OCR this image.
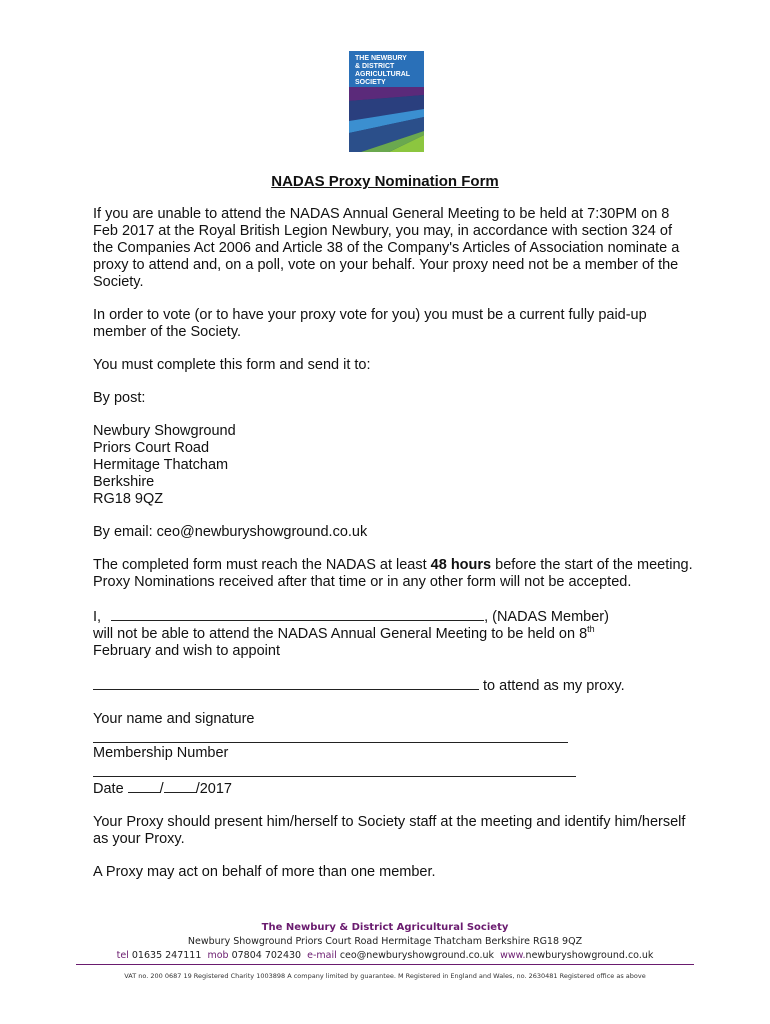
THE NEWBURY
& DISTRICT
AGRICULTURAL
SOCIETY
NADAS Proxy Nomination Form

If you are unable to attend the NADAS Annual General Meeting to be held at 7:30PM on 8 Feb 2017 at the Royal British Legion Newbury, you may, in accordance with section 324 of the Companies Act 2006 and Article 38 of the Company's Articles of Association nominate a proxy to attend and, on a poll, vote on your behalf. Your proxy need not be a member of the Society.

In order to vote (or to have your proxy vote for you) you must be a current fully paid-up member of the Society.

You must complete this form and send it to:

By post:

Newbury Showground
Priors Court Road
Hermitage Thatcham
Berkshire
RG18 9QZ

By email: ceo@newburyshowground.co.uk

The completed form must reach the NADAS at least 48 hours before the start of the meeting. Proxy Nominations received after that time or in any other form will not be accepted.

I,	, (NADAS Member)
will not be able to attend the NADAS Annual General Meeting to be held on 8th
February and wish to appoint

to attend as my proxy.

Your name and signature
Membership Number
Date / /2017

Your Proxy should present him/herself to Society staff at the meeting and identify him/herself as your Proxy.

A Proxy may act on behalf of more than one member.

The Newbury & District Agricultural Society
Newbury Showground Priors Court Road Hermitage Thatcham Berkshire RG18 9QZ
tel 01635 247111 mob 07804 702430 e-mail ceo@newburyshowground.co.uk www.newburyshowground.co.uk
VAT no. 200 0687 19 Registered Charity 1003898 A company limited by guarantee. M Registered in England and Wales, no. 2630481 Registered office as above
